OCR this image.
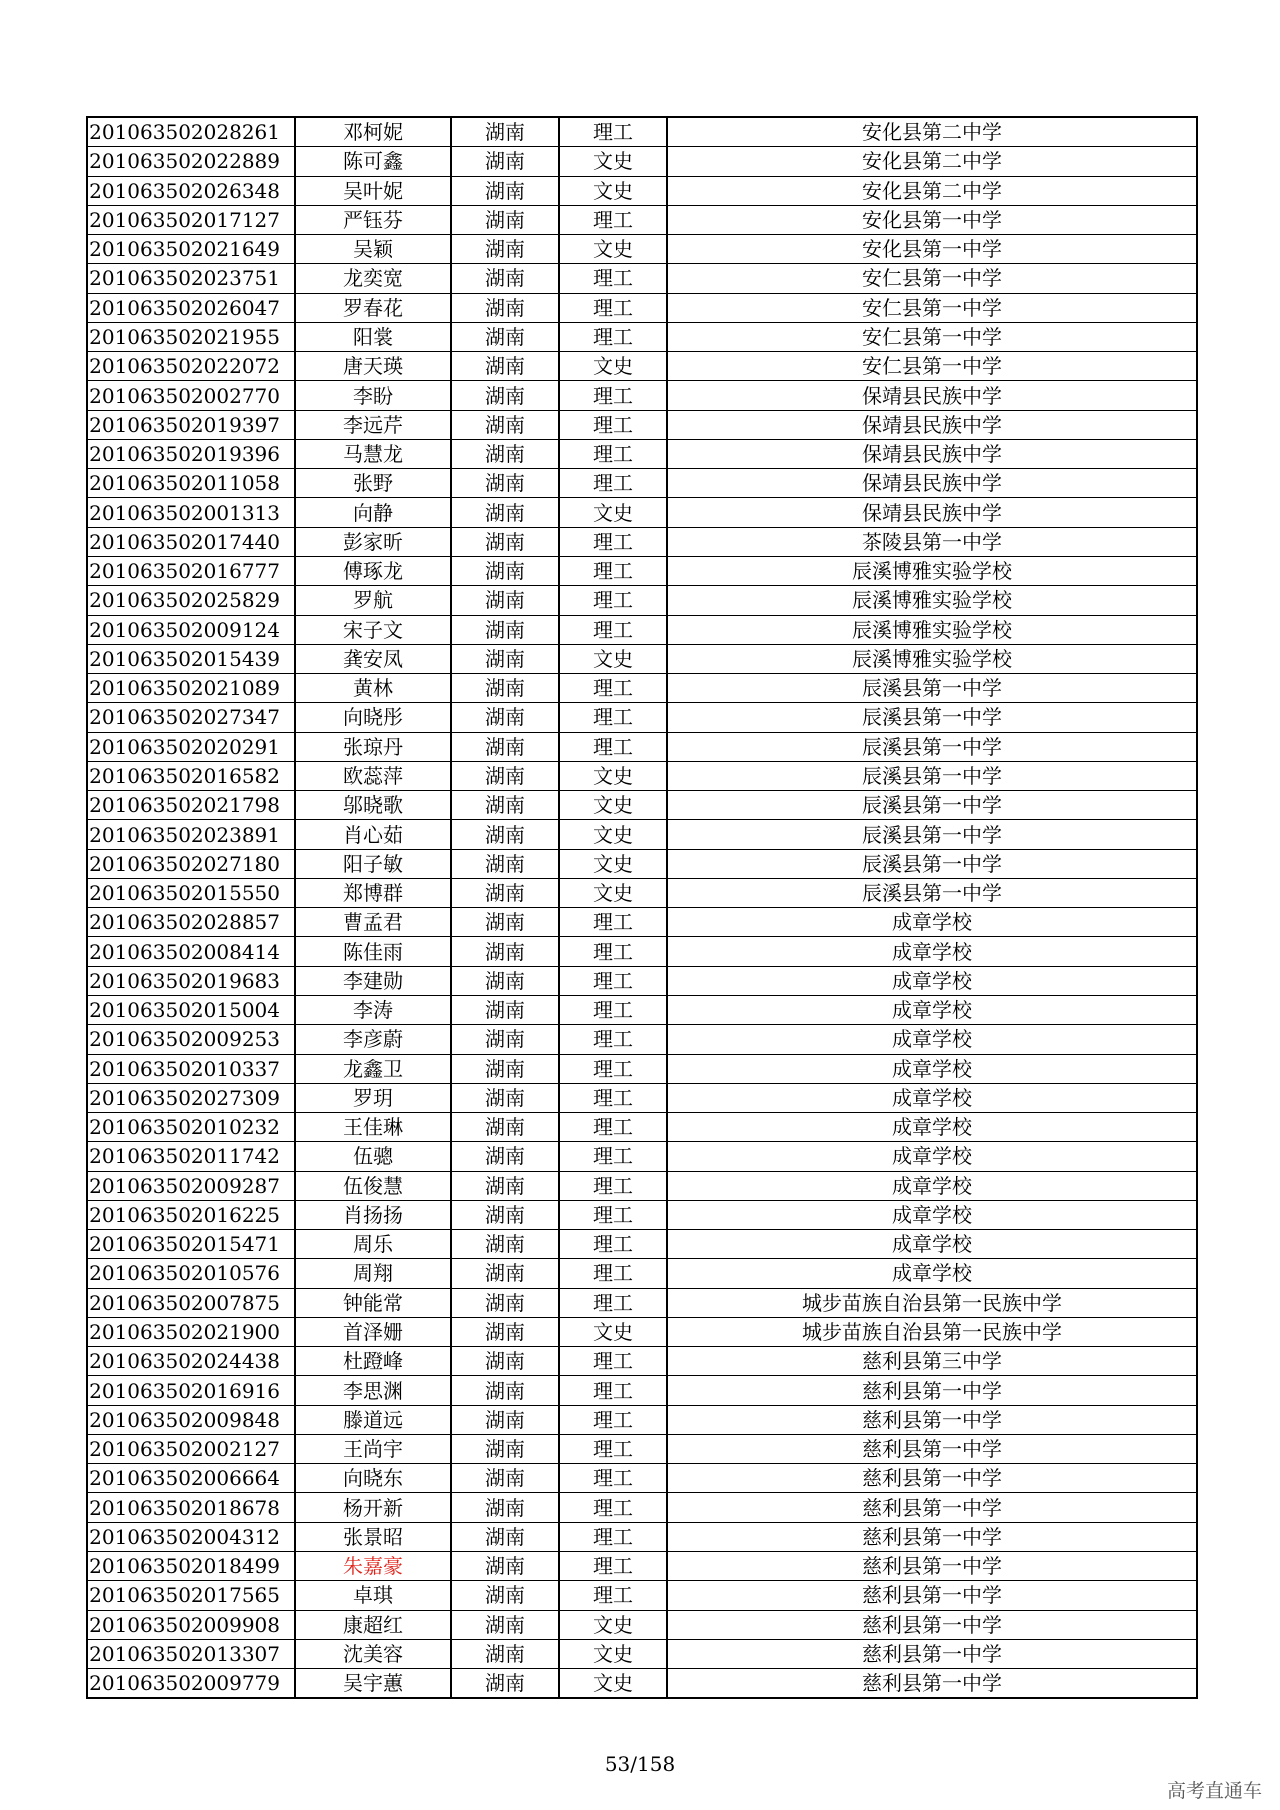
201063502028261	邓柯妮	湖南	理工	安化县第二中学
201063502022889	陈可鑫	湖南	文史	安化县第二中学
201063502026348	吴叶妮	湖南	文史	安化县第二中学
201063502017127	严钰芬	湖南	理工	安化县第一中学
201063502021649	吴颖	湖南	文史	安化县第一中学
201063502023751	龙奕宽	湖南	理工	安仁县第一中学
201063502026047	罗春花	湖南	理工	安仁县第一中学
201063502021955	阳裳	湖南	理工	安仁县第一中学
201063502022072	唐天瑛	湖南	文史	安仁县第一中学
201063502002770	李盼	湖南	理工	保靖县民族中学
201063502019397	李远芹	湖南	理工	保靖县民族中学
201063502019396	马慧龙	湖南	理工	保靖县民族中学
201063502011058	张野	湖南	理工	保靖县民族中学
201063502001313	向静	湖南	文史	保靖县民族中学
201063502017440	彭家昕	湖南	理工	茶陵县第一中学
201063502016777	傅琢龙	湖南	理工	辰溪博雅实验学校
201063502025829	罗航	湖南	理工	辰溪博雅实验学校
201063502009124	宋子文	湖南	理工	辰溪博雅实验学校
201063502015439	龚安凤	湖南	文史	辰溪博雅实验学校
201063502021089	黄林	湖南	理工	辰溪县第一中学
201063502027347	向晓彤	湖南	理工	辰溪县第一中学
201063502020291	张琼丹	湖南	理工	辰溪县第一中学
201063502016582	欧蕊萍	湖南	文史	辰溪县第一中学
201063502021798	邬晓歌	湖南	文史	辰溪县第一中学
201063502023891	肖心茹	湖南	文史	辰溪县第一中学
201063502027180	阳子敏	湖南	文史	辰溪县第一中学
201063502015550	郑博群	湖南	文史	辰溪县第一中学
201063502028857	曹孟君	湖南	理工	成章学校
201063502008414	陈佳雨	湖南	理工	成章学校
201063502019683	李建勋	湖南	理工	成章学校
201063502015004	李涛	湖南	理工	成章学校
201063502009253	李彦蔚	湖南	理工	成章学校
201063502010337	龙鑫卫	湖南	理工	成章学校
201063502027309	罗玥	湖南	理工	成章学校
201063502010232	王佳琳	湖南	理工	成章学校
201063502011742	伍骢	湖南	理工	成章学校
201063502009287	伍俊慧	湖南	理工	成章学校
201063502016225	肖扬扬	湖南	理工	成章学校
201063502015471	周乐	湖南	理工	成章学校
201063502010576	周翔	湖南	理工	成章学校
201063502007875	钟能常	湖南	理工	城步苗族自治县第一民族中学
201063502021900	首泽姗	湖南	文史	城步苗族自治县第一民族中学
201063502024438	杜蹬峰	湖南	理工	慈利县第三中学
201063502016916	李思渊	湖南	理工	慈利县第一中学
201063502009848	滕道远	湖南	理工	慈利县第一中学
201063502002127	王尚宇	湖南	理工	慈利县第一中学
201063502006664	向晓东	湖南	理工	慈利县第一中学
201063502018678	杨开新	湖南	理工	慈利县第一中学
201063502004312	张景昭	湖南	理工	慈利县第一中学
201063502018499	朱嘉豪	湖南	理工	慈利县第一中学
201063502017565	卓琪	湖南	理工	慈利县第一中学
201063502009908	康超红	湖南	文史	慈利县第一中学
201063502013307	沈美容	湖南	文史	慈利县第一中学
201063502009779	吴宇蕙	湖南	文史	慈利县第一中学
53/158
高考直通车
